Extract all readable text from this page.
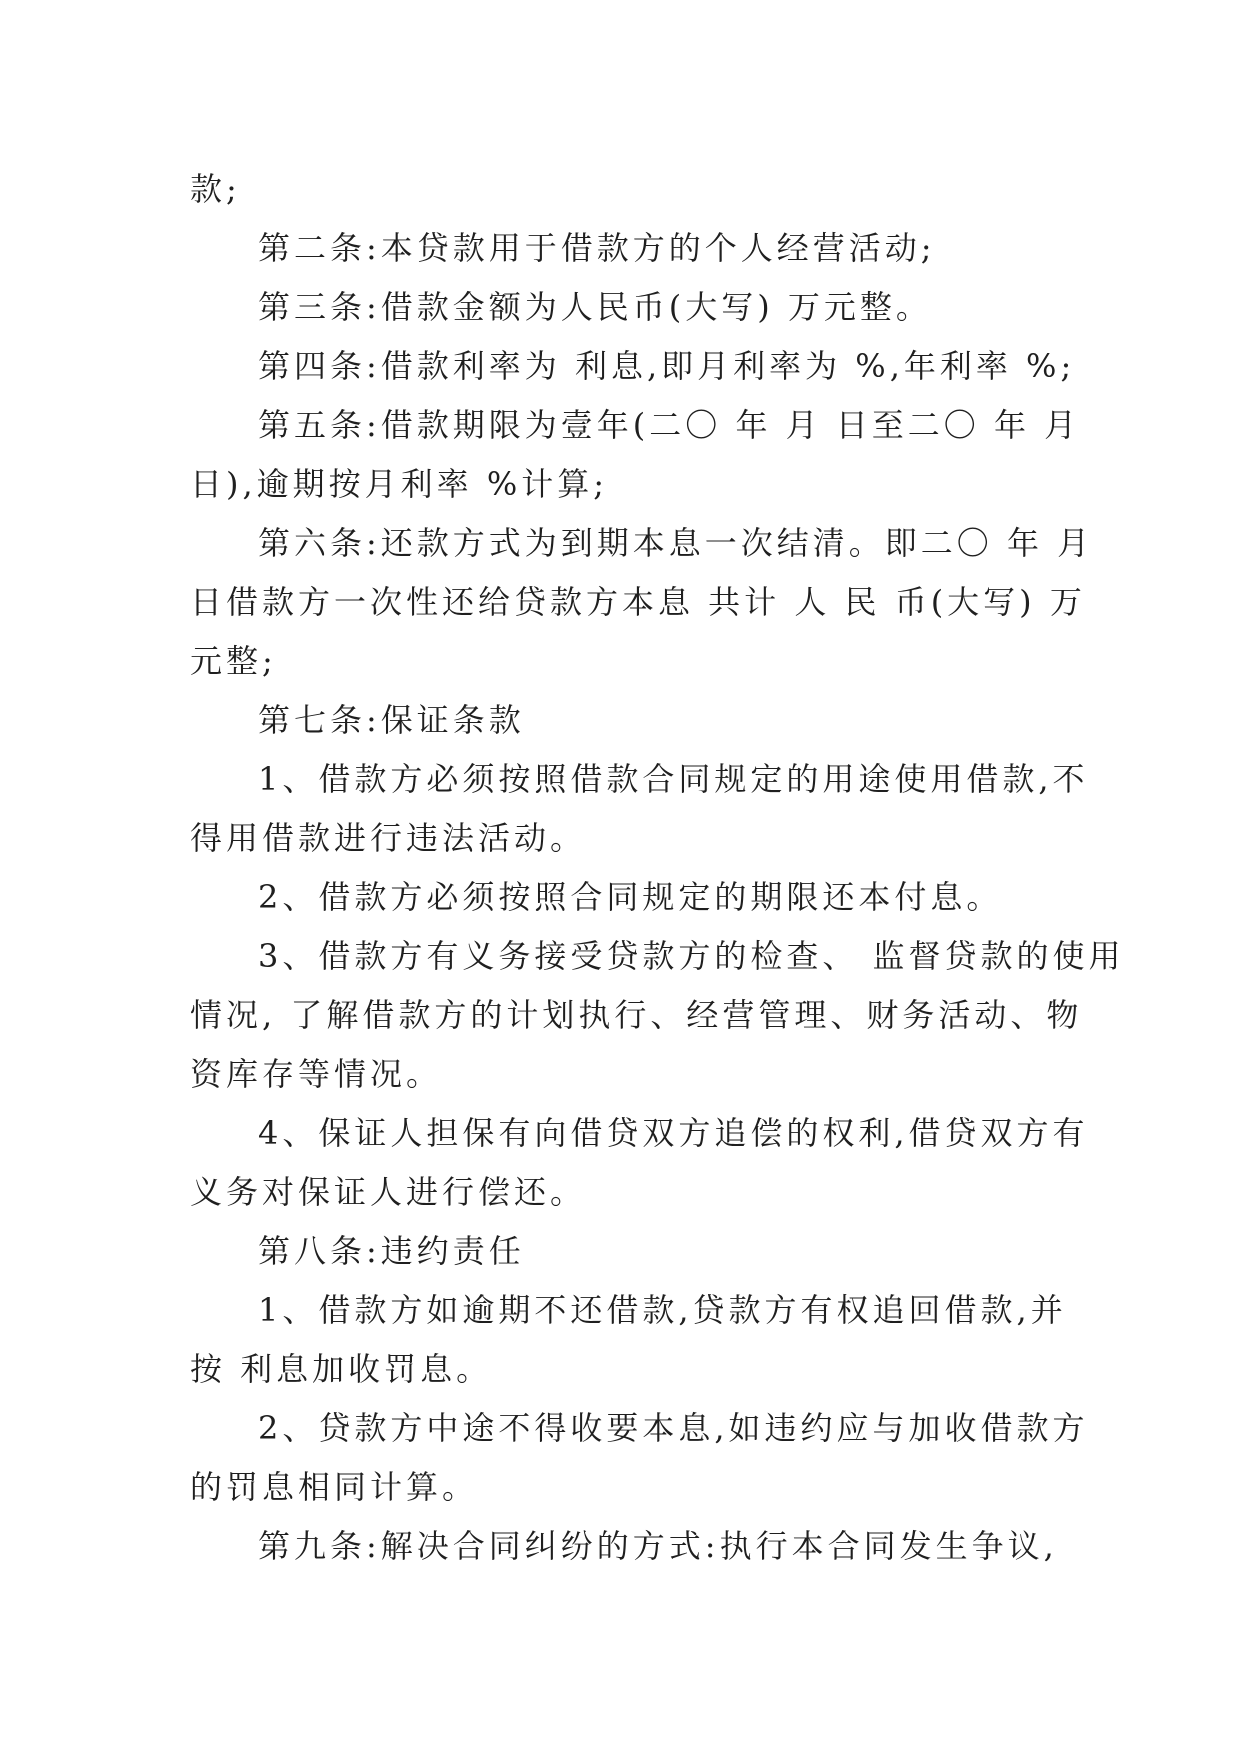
款;
第二条:本贷款用于借款方的个人经营活动;
第三条:借款金额为人民币(大写) 万元整。
第四条:借款利率为 利息,即月利率为 %,年利率 %;
第五条:借款期限为壹年(二〇 年 月 日至二〇 年 月
日),逾期按月利率 %计算;
第六条:还款方式为到期本息一次结清。即二〇 年 月
日借款方一次性还给贷款方本息 共计 人 民 币(大写) 万
元整;
第七条:保证条款
1、借款方必须按照借款合同规定的用途使用借款,不
得用借款进行违法活动。
2、借款方必须按照合同规定的期限还本付息。
3、借款方有义务接受贷款方的检查、 监督贷款的使用
情况, 了解借款方的计划执行、经营管理、财务活动、物
资库存等情况。
4、保证人担保有向借贷双方追偿的权利,借贷双方有
义务对保证人进行偿还。
第八条:违约责任
1、借款方如逾期不还借款,贷款方有权追回借款,并
按 利息加收罚息。
2、贷款方中途不得收要本息,如违约应与加收借款方
的罚息相同计算。
第九条:解决合同纠纷的方式:执行本合同发生争议,
